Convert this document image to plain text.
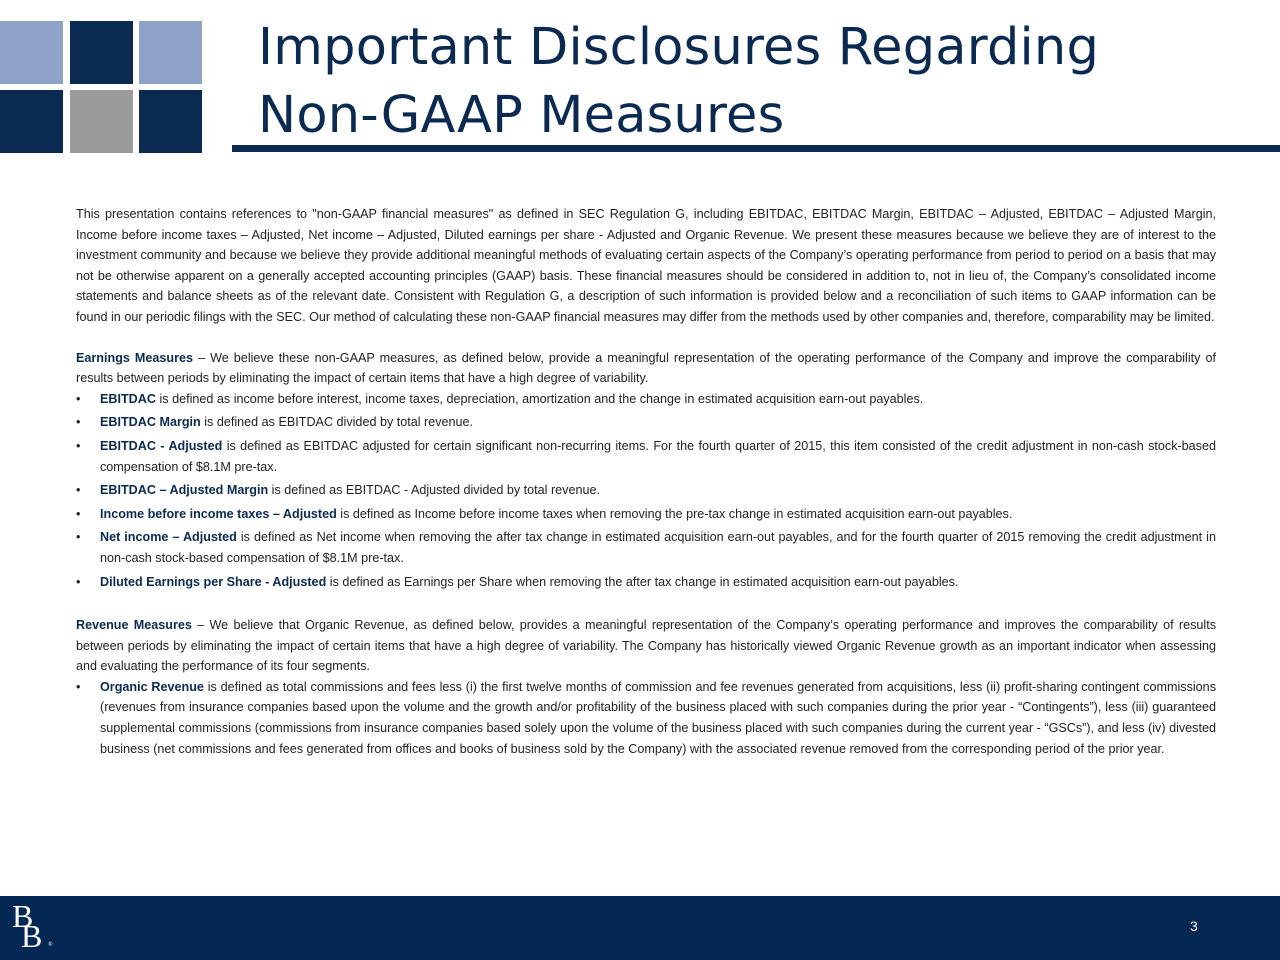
Important Disclosures Regarding
Non-GAAP Measures

This presentation contains references to "non-GAAP financial measures" as defined in SEC Regulation G, including EBITDAC, EBITDAC Margin, EBITDAC – Adjusted, EBITDAC – Adjusted Margin, Income before income taxes – Adjusted, Net income – Adjusted, Diluted earnings per share - Adjusted and Organic Revenue. We present these measures because we believe they are of interest to the investment community and because we believe they provide additional meaningful methods of evaluating certain aspects of the Company’s operating performance from period to period on a basis that may not be otherwise apparent on a generally accepted accounting principles (GAAP) basis. These financial measures should be considered in addition to, not in lieu of, the Company’s consolidated income statements and balance sheets as of the relevant date. Consistent with Regulation G, a description of such information is provided below and a reconciliation of such items to GAAP information can be found in our periodic filings with the SEC. Our method of calculating these non-GAAP financial measures may differ from the methods used by other companies and, therefore, comparability may be limited.

Earnings Measures – We believe these non-GAAP measures, as defined below, provide a meaningful representation of the operating performance of the Company and improve the comparability of results between periods by eliminating the impact of certain items that have a high degree of variability.

• EBITDAC is defined as income before interest, income taxes, depreciation, amortization and the change in estimated acquisition earn-out payables.
• EBITDAC Margin is defined as EBITDAC divided by total revenue.
• EBITDAC - Adjusted is defined as EBITDAC adjusted for certain significant non-recurring items. For the fourth quarter of 2015, this item consisted of the credit adjustment in non-cash stock-based compensation of $8.1M pre-tax.
• EBITDAC – Adjusted Margin is defined as EBITDAC - Adjusted divided by total revenue.
• Income before income taxes – Adjusted is defined as Income before income taxes when removing the pre-tax change in estimated acquisition earn-out payables.
• Net income – Adjusted is defined as Net income when removing the after tax change in estimated acquisition earn-out payables, and for the fourth quarter of 2015 removing the credit adjustment in non-cash stock-based compensation of $8.1M pre-tax.
• Diluted Earnings per Share - Adjusted is defined as Earnings per Share when removing the after tax change in estimated acquisition earn-out payables.

Revenue Measures – We believe that Organic Revenue, as defined below, provides a meaningful representation of the Company’s operating performance and improves the comparability of results between periods by eliminating the impact of certain items that have a high degree of variability. The Company has historically viewed Organic Revenue growth as an important indicator when assessing and evaluating the performance of its four segments.

• Organic Revenue is defined as total commissions and fees less (i) the first twelve months of commission and fee revenues generated from acquisitions, less (ii) profit-sharing contingent commissions (revenues from insurance companies based upon the volume and the growth and/or profitability of the business placed with such companies during the prior year - “Contingents”), less (iii) guaranteed supplemental commissions (commissions from insurance companies based solely upon the volume of the business placed with such companies during the current year - “GSCs”), and less (iv) divested business (net commissions and fees generated from offices and books of business sold by the Company) with the associated revenue removed from the corresponding period of the prior year.
B
B ®
3
